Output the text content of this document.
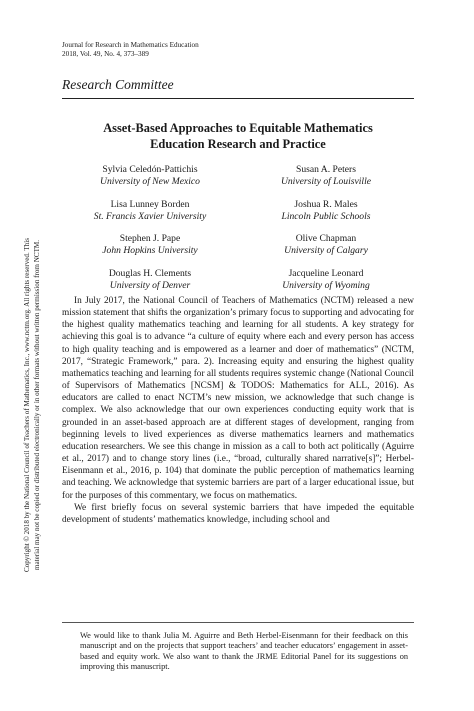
Journal for Research in Mathematics Education
2018, Vol. 49, No. 4, 373–389
Research Committee
Asset-Based Approaches to Equitable Mathematics
Education Research and Practice
Sylvia Celedón-Pattichis
University of New Mexico
Susan A. Peters
University of Louisville
Lisa Lunney Borden
St. Francis Xavier University
Joshua R. Males
Lincoln Public Schools
Stephen J. Pape
John Hopkins University
Olive Chapman
University of Calgary
Douglas H. Clements
University of Denver
Jacqueline Leonard
University of Wyoming

In July 2017, the National Council of Teachers of Mathematics (NCTM) released a new mission statement that shifts the organization’s primary focus to supporting and advocating for the highest quality mathematics teaching and learning for all students. A key strategy for achieving this goal is to advance “a culture of equity where each and every person has access to high quality teaching and is empowered as a learner and doer of mathematics” (NCTM, 2017, “Strategic Framework,” para. 2). Increasing equity and ensuring the highest quality mathematics teaching and learning for all students requires systemic change (National Council of Supervisors of Mathematics [NCSM] & TODOS: Mathematics for ALL, 2016). As educators are called to enact NCTM’s new mission, we acknowledge that such change is complex. We also acknowledge that our own experiences conducting equity work that is grounded in an asset-based approach are at different stages of development, ranging from beginning levels to lived experiences as diverse mathematics learners and mathematics education researchers. We see this change in mission as a call to both act politically (Aguirre et al., 2017) and to change story lines (i.e., “broad, culturally shared narrative[s]”; Herbel-Eisenmann et al., 2016, p. 104) that dominate the public perception of mathematics learning and teaching. We acknowledge that systemic barriers are part of a larger educational issue, but for the purposes of this commentary, we focus on mathematics.

We first briefly focus on several systemic barriers that have impeded the equitable development of students’ mathematics knowledge, including school and

We would like to thank Julia M. Aguirre and Beth Herbel-Eisenmann for their feedback on this manuscript and on the projects that support teachers’ and teacher educators’ engagement in asset-based and equity work. We also want to thank the JRME Editorial Panel for its suggestions on improving this manuscript.
Copyright © 2018 by the National Council of Teachers of Mathematics, Inc., www.nctm.org. All rights reserved. This material may not be copied or distributed electronically or in other formats without written permission from NCTM.
